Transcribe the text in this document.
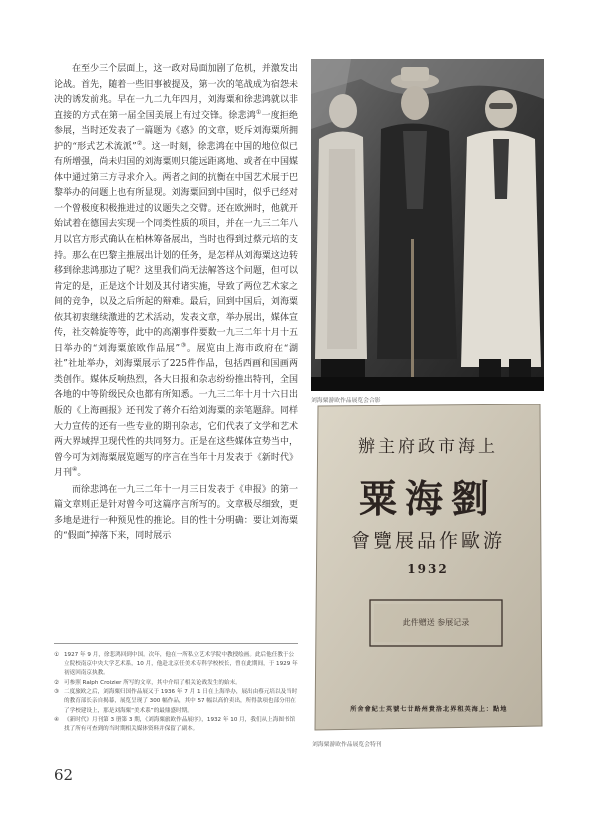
在至少三个层面上，这一政对局面加剧了危机，并激发出论战。首先，随着一些旧事被提及，第一次的笔战成为宿怨未决的诱发前兆。早在一九二九年四月，刘海粟和徐悲鸿就以非直接的方式在第一届全国美展上有过交锋。徐悲鸿①一度拒绝参展，当时还发表了一篇题为《惑》的文章，贬斥刘海粟所拥护的“形式艺术流派”②。这一时刻，徐悲鸿在中国的地位似已有所增强，尚未归国的刘海粟则只能远距离地、或者在中国媒体中通过第三方寻求介入。两者之间的抗衡在中国艺术展于巴黎举办的问题上也有所显现。刘海粟回到中国时，似乎已经对一个曾极度积极推进过的议题失之交臂。还在欧洲时，他就开始试着在德国去实现一个同类性质的项目，并在一九三二年八月以官方形式确认在柏林筹备展出，当时也得到过蔡元培的支持。那么在巴黎主推展出计划的任务，是怎样从刘海粟这边转移到徐悲鸿那边了呢？这里我们尚无法解答这个问题，但可以肯定的是，正是这个计划及其付诸实施，导致了两位艺术家之间的竞争，以及之后所起的辩难。最后，回到中国后，刘海粟依其初衷继续激进的艺术活动，发表文章，举办展出，媒体宣传，社交斡旋等等，此中的高潮事件要数一九三二年十月十五日举办的“刘海粟旅欧作品展”③。展览由上海市政府在“湖社”社址举办，刘海粟展示了225件作品，包括西画和国画两类创作。媒体反响热烈，各大日报和杂志纷纷推出特刊，全国各地的中等阶级民众也都有所知悉。一九三二年十月十六日出版的《上海画报》还刊发了蒋介石给刘海粟的亲笔题辞。同样大力宣传的还有一些专业的期刊杂志，它们代表了文学和艺术两大界域捍卫现代性的共同努力。正是在这些媒体宣势当中，曾今可为刘海粟展览题写的序言在当年十月发表于《新时代》月刊④。

而徐悲鸿在一九三二年十一月三日发表于《申报》的第一篇文章则正是针对曾今可这篇序言所写的。文章极尽细致，更多地是进行一种预见性的推论。目的性十分明确：要让刘海粟的“假面”掉落下来，同时展示

① 1927 年 9 月，徐悲鸿回到中国。次年，他在一所私立艺术学院中教授绘画。此后他任教于公立院校南京中央大学艺术系，10 月，他赴北京任美术专科学校校长，曾在此期间，于 1929 年初返回南京执教。
② 可参照 Ralph Croizier 所写的文章，其中介绍了相关论战发生的始末。
③ 二度旅欧之后，刘海粟归国作品展又于 1936 年 7 月 1 日在上海举办，展出由蔡元培以及当时的教育部长亲自揭幕，展览呈现了 300 幅作品，其中 57 幅以高价卖出，所得款项也部分用在了学校建设上，那是刘海粟“美术系”的最鼎盛时期。
④ 《新时代》月刊第 3 册第 3 期，《刘海粟旅欧作品展序》，1932 年 10 月，我们从上海图书馆找了所有可查到的当时期相关媒体资料并保留了副本。
刘海粟游欧作品展览会合影
辦主府政市海上
粟海劉
會覽展品作歐游
1932
此件赠送 参展记录
所 舍 會 紀 士 英 號 七 廿 路 州 貴 洛 北 界 租 英 海 上 ： 點 地
刘海粟游欧作品展览会特刊
62
